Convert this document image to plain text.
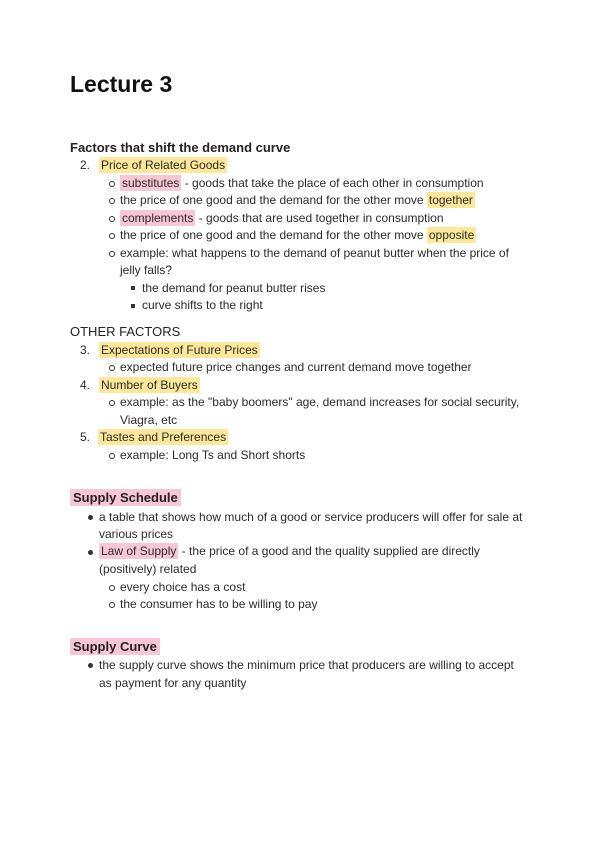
Lecture 3
Factors that shift the demand curve
2. Price of Related Goods
substitutes - goods that take the place of each other in consumption
the price of one good and the demand for the other move together
complements - goods that are used together in consumption
the price of one good and the demand for the other move opposite
example: what happens to the demand of peanut butter when the price of
jelly falls?
the demand for peanut butter rises
curve shifts to the right
OTHER FACTORS
3. Expectations of Future Prices
expected future price changes and current demand move together
4. Number of Buyers
example: as the "baby boomers" age, demand increases for social security,
Viagra, etc
5. Tastes and Preferences
example: Long Ts and Short shorts
Supply Schedule
a table that shows how much of a good or service producers will offer for sale at
various prices
Law of Supply - the price of a good and the quality supplied are directly
(positively) related
every choice has a cost
the consumer has to be willing to pay
Supply Curve
the supply curve shows the minimum price that producers are willing to accept
as payment for any quantity
